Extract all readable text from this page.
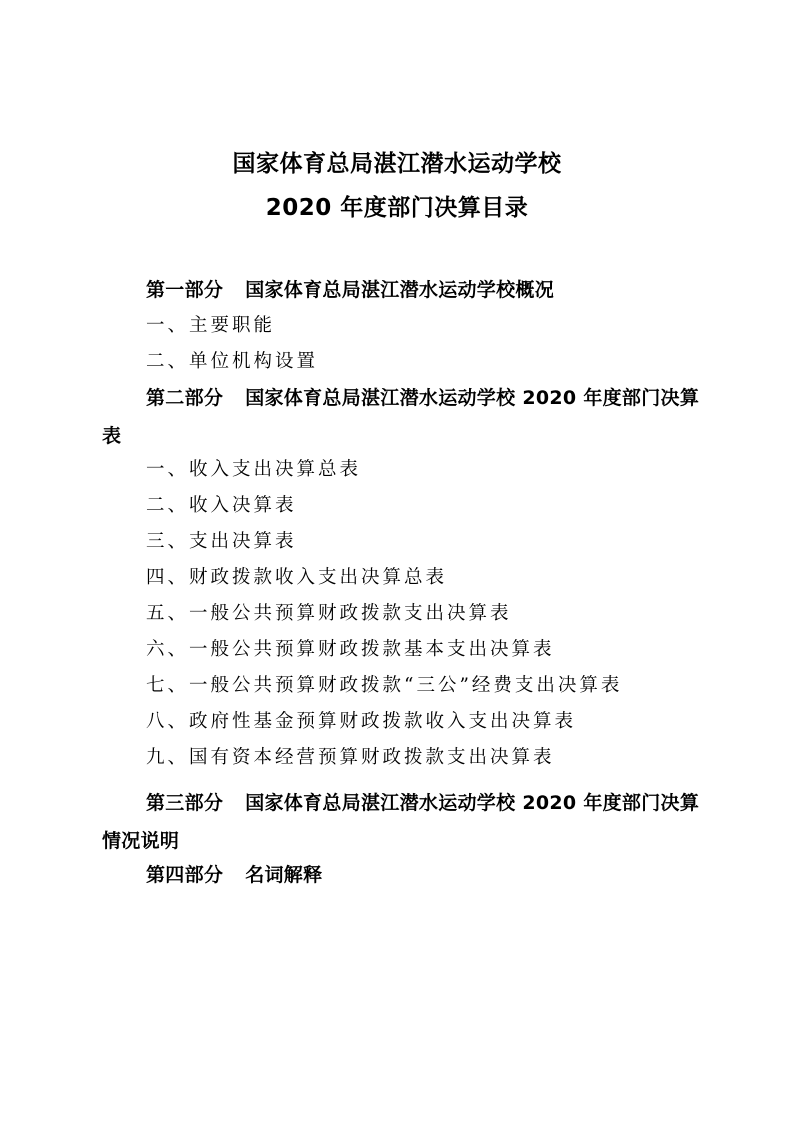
国家体育总局湛江潜水运动学校
2020 年度部门决算目录
第一部分 国家体育总局湛江潜水运动学校概况
一、主要职能
二、单位机构设置
第二部分 国家体育总局湛江潜水运动学校 2020 年度部门决算表
一、收入支出决算总表
二、收入决算表
三、支出决算表
四、财政拨款收入支出决算总表
五、一般公共预算财政拨款支出决算表
六、一般公共预算财政拨款基本支出决算表
七、一般公共预算财政拨款“三公”经费支出决算表
八、政府性基金预算财政拨款收入支出决算表
九、国有资本经营预算财政拨款支出决算表
第三部分 国家体育总局湛江潜水运动学校 2020 年度部门决算情况说明
第四部分 名词解释
